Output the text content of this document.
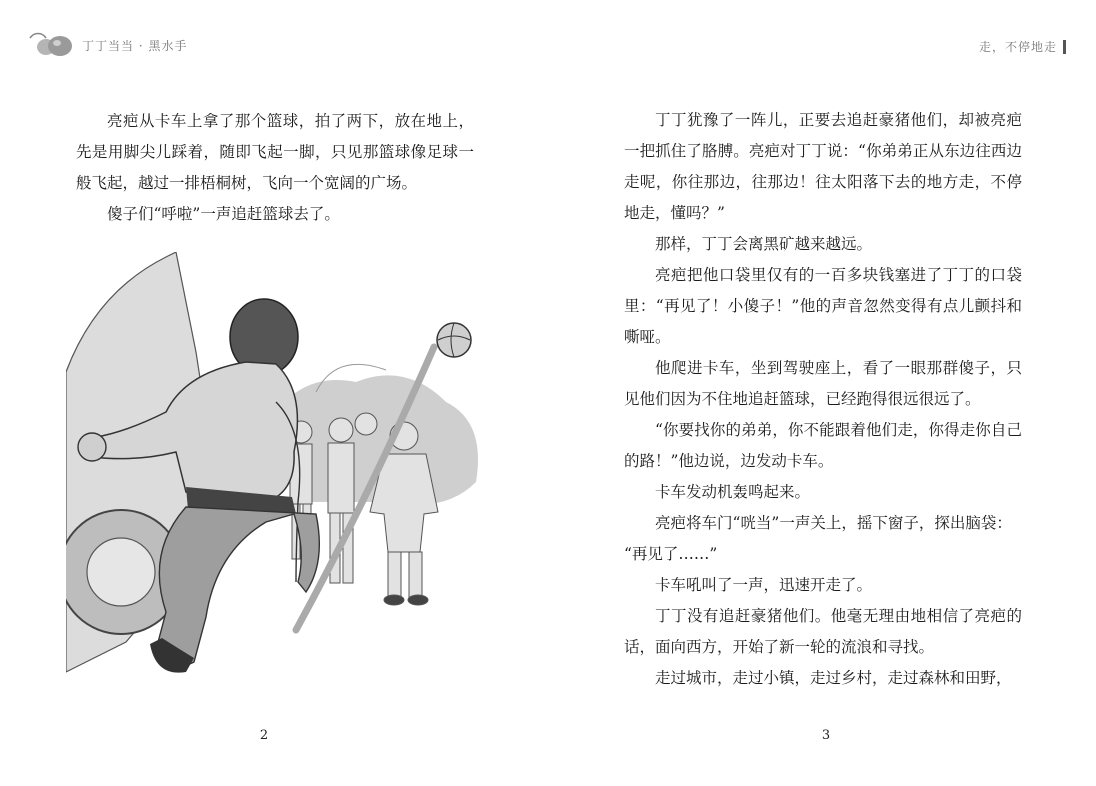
丁丁当当 · 黑水手

亮疤从卡车上拿了那个篮球，拍了两下，放在地上，先是用脚尖儿踩着，随即飞起一脚，只见那篮球像足球一般飞起，越过一排梧桐树，飞向一个宽阔的广场。

傻子们“呼啦”一声追赶篮球去了。

2
走，不停地走

丁丁犹豫了一阵儿，正要去追赶豪猪他们，却被亮疤一把抓住了胳膊。亮疤对丁丁说：“你弟弟正从东边往西边走呢，你往那边，往那边！往太阳落下去的地方走，不停地走，懂吗？”

那样，丁丁会离黑矿越来越远。

亮疤把他口袋里仅有的一百多块钱塞进了丁丁的口袋里：“再见了！小傻子！”他的声音忽然变得有点儿颤抖和嘶哑。

他爬进卡车，坐到驾驶座上，看了一眼那群傻子，只见他们因为不住地追赶篮球，已经跑得很远很远了。

“你要找你的弟弟，你不能跟着他们走，你得走你自己的路！”他边说，边发动卡车。

卡车发动机轰鸣起来。

亮疤将车门“咣当”一声关上，摇下窗子，探出脑袋：

“再见了……”

卡车吼叫了一声，迅速开走了。

丁丁没有追赶豪猪他们。他毫无理由地相信了亮疤的话，面向西方，开始了新一轮的流浪和寻找。

走过城市，走过小镇，走过乡村，走过森林和田野，

3
